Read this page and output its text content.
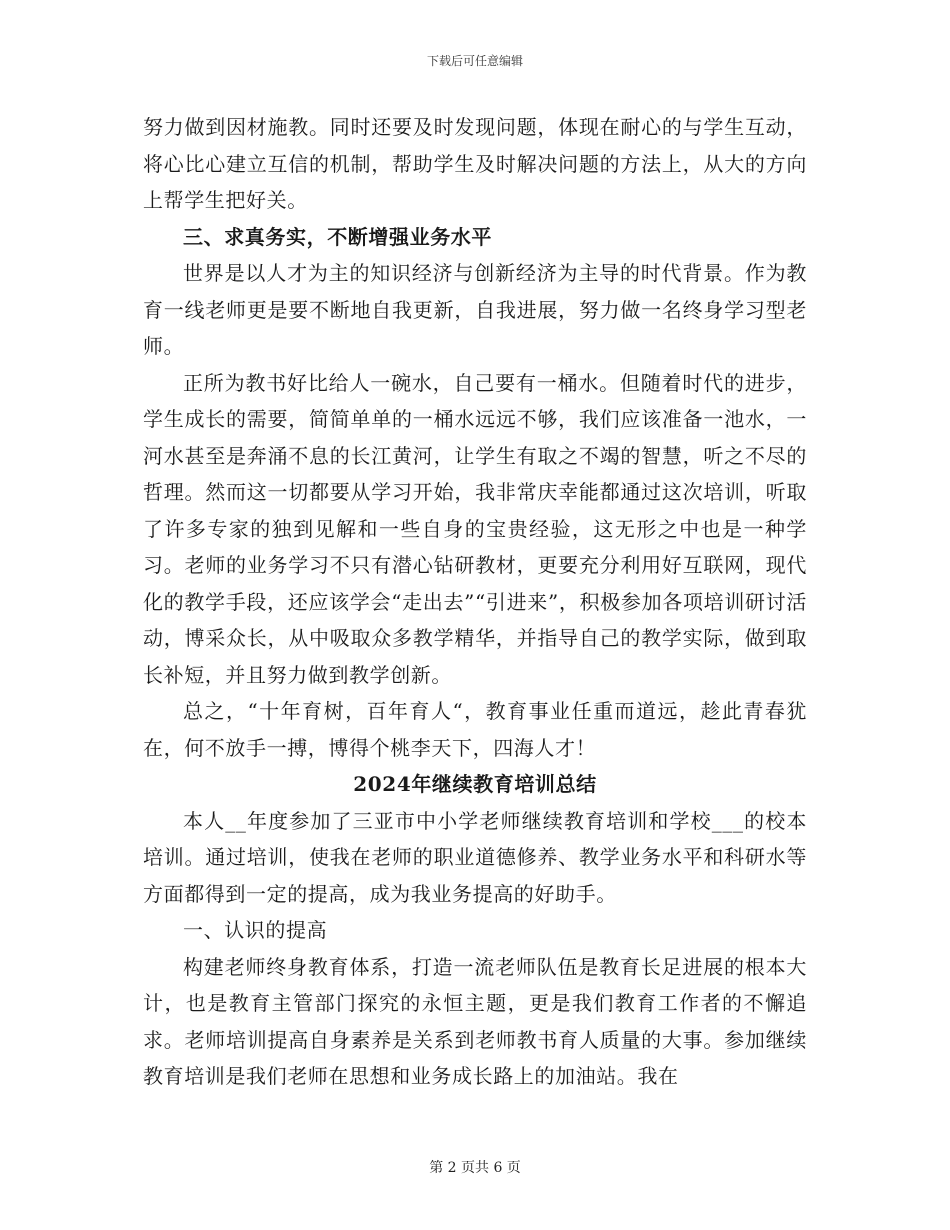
下载后可任意编辑

努力做到因材施教。同时还要及时发现问题，体现在耐心的与学生互动，将心比心建立互信的机制，帮助学生及时解决问题的方法上，从大的方向上帮学生把好关。

三、求真务实，不断增强业务水平

世界是以人才为主的知识经济与创新经济为主导的时代背景。作为教育一线老师更是要不断地自我更新，自我进展，努力做一名终身学习型老师。

正所为教书好比给人一碗水，自己要有一桶水。但随着时代的进步，学生成长的需要，简简单单的一桶水远远不够，我们应该准备一池水，一河水甚至是奔涌不息的长江黄河，让学生有取之不竭的智慧，听之不尽的哲理。然而这一切都要从学习开始，我非常庆幸能都通过这次培训，听取了许多专家的独到见解和一些自身的宝贵经验，这无形之中也是一种学习。老师的业务学习不只有潜心钻研教材，更要充分利用好互联网，现代化的教学手段，还应该学会“走出去”“引进来”，积极参加各项培训研讨活动，博采众长，从中吸取众多教学精华，并指导自己的教学实际，做到取长补短，并且努力做到教学创新。

总之，“十年育树，百年育人“，教育事业任重而道远，趁此青春犹在，何不放手一搏，博得个桃李天下，四海人才！

2024年继续教育培训总结

本人__年度参加了三亚市中小学老师继续教育培训和学校___的校本培训。通过培训，使我在老师的职业道德修养、教学业务水平和科研水等方面都得到一定的提高，成为我业务提高的好助手。

一、认识的提高

构建老师终身教育体系，打造一流老师队伍是教育长足进展的根本大计，也是教育主管部门探究的永恒主题，更是我们教育工作者的不懈追求。老师培训提高自身素养是关系到老师教书育人质量的大事。参加继续教育培训是我们老师在思想和业务成长路上的加油站。我在

第 2 页共 6 页
